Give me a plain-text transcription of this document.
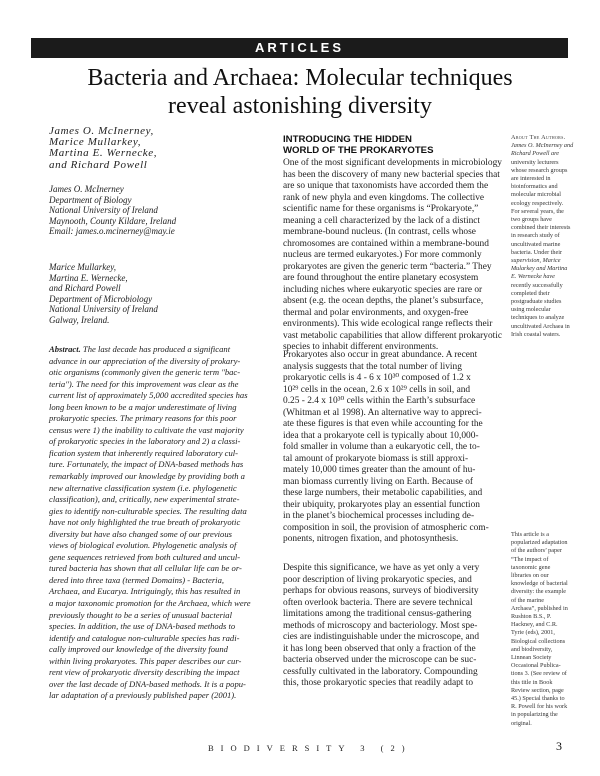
ARTICLES
Bacteria and Archaea: Molecular techniques
reveal astonishing diversity
James O. McInerney,
Marice Mullarkey,
Martina E. Wernecke,
and Richard Powell
James O. McInerney
Department of Biology
National University of Ireland
Maynooth, County Kildare, Ireland
Email: james.o.mcinerney@may.ie
Marice Mullarkey,
Martina E. Wernecke,
and Richard Powell
Department of Microbiology
National University of Ireland
Galway, Ireland.
Abstract. The last decade has produced a significant
advance in our appreciation of the diversity of prokary-
otic organisms (commonly given the generic term "bac-
teria"). The need for this improvement was clear as the
current list of approximately 5,000 accredited species has
long been known to be a major underestimate of living
prokaryotic species. The primary reasons for this poor
census were 1) the inability to cultivate the vast majority
of prokaryotic species in the laboratory and 2) a classi-
fication system that inherently required laboratory cul-
ture. Fortunately, the impact of DNA-based methods has
remarkably improved our knowledge by providing both a
new alternative classification system (i.e. phylogenetic
classification), and, critically, new experimental strate-
gies to identify non-culturable species. The resulting data
have not only highlighted the true breath of prokaryotic
diversity but have also changed some of our previous
views of biological evolution. Phylogenetic analysis of
gene sequences retrieved from both cultured and uncul-
tured bacteria has shown that all cellular life can be or-
dered into three taxa (termed Domains) - Bacteria,
Archaea, and Eucarya. Intriguingly, this has resulted in
a major taxonomic promotion for the Archaea, which were
previously thought to be a series of unusual bacterial
species. In addition, the use of DNA-based methods to
identify and catalogue non-culturable species has radi-
cally improved our knowledge of the diversity found
within living prokaryotes. This paper describes our cur-
rent view of prokaryotic diversity describing the impact
over the last decade of DNA-based methods. It is a popu-
lar adaptation of a previously published paper (2001).
INTRODUCING THE HIDDEN
WORLD OF THE PROKARYOTES
One of the most significant developments in microbiology
has been the discovery of many new bacterial species that
are so unique that taxonomists have accorded them the
rank of new phyla and even kingdoms. The collective
scientific name for these organisms is “Prokaryote,”
meaning a cell characterized by the lack of a distinct
membrane-bound nucleus. (In contrast, cells whose
chromosomes are contained within a membrane-bound
nucleus are termed eukaryotes.) For more commonly
prokaryotes are given the generic term “bacteria.” They
are found throughout the entire planetary ecosystem
including niches where eukaryotic species are rare or
absent (e.g. the ocean depths, the planet’s subsurface,
thermal and polar environments, and oxygen-free
environments). This wide ecological range reflects their
vast metabolic capabilities that allow different prokaryotic
species to inhabit different environments.
Prokaryotes also occur in great abundance. A recent
analysis suggests that the total number of living
prokaryotic cells is 4 - 6 x 10³⁰ composed of 1.2 x
10²⁹ cells in the ocean, 2.6 x 10²⁹ cells in soil, and
0.25 - 2.4 x 10³⁰ cells within the Earth’s subsurface
(Whitman et al 1998). An alternative way to appreci-
ate these figures is that even while accounting for the
idea that a prokaryote cell is typically about 10,000-
fold smaller in volume than a eukaryotic cell, the to-
tal amount of prokaryote biomass is still approxi-
mately 10,000 times greater than the amount of hu-
man biomass currently living on Earth. Because of
these large numbers, their metabolic capabilities, and
their ubiquity, prokaryotes play an essential function
in the planet’s biochemical processes including de-
composition in soil, the provision of atmospheric com-
ponents, nitrogen fixation, and photosynthesis.
Despite this significance, we have as yet only a very
poor description of living prokaryotic species, and
perhaps for obvious reasons, surveys of biodiversity
often overlook bacteria. There are severe technical
limitations among the traditional census-gathering
methods of microscopy and bacteriology. Most spe-
cies are indistinguishable under the microscope, and
it has long been observed that only a fraction of the
bacteria observed under the microscope can be suc-
cessfully cultivated in the laboratory. Compounding
this, those prokaryotic species that readily adapt to
About The Authors.
James O. McInerney and
Richard Powell are
university lecturers
whose research groups
are interested in
bioinformatics and
molecular microbial
ecology respectively.
For several years, the
two groups have
combined their interests
in research study of
uncultivated marine
bacteria. Under their
supervision, Marice
Mularkey and Martina
E. Wernecke have
recently successfully
completed their
postgraduate studies
using molecular
techniques to analyze
uncultivated Archaea in
Irish coastal waters.
This article is a
popularized adaptation
of the authors’ paper
“The impact of
taxonomic gene
libraries on our
knowledge of bacterial
diversity: the example
of the marine
Archaea”, published in
Rushton B.S., P.
Hackney, and C.R.
Tyrie (eds), 2001,
Biological collections
and biodiversity,
Linnean Society
Occasional Publica-
tions 3. (See review of
this title in Book
Review section, page
45.) Special thanks to
R. Powell for his work
in popularizing the
original.
BIODIVERSITY 3 (2)	3
